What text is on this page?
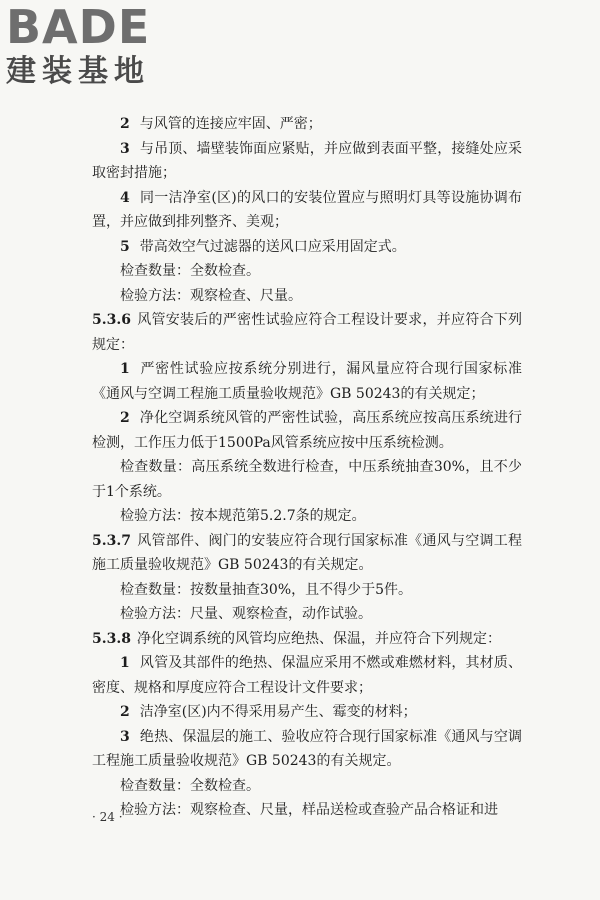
BADE
建装基地

2 与风管的连接应牢固、严密；

3 与吊顶、墙壁装饰面应紧贴，并应做到表面平整，接缝处应采取密封措施；

4 同一洁净室(区)的风口的安装位置应与照明灯具等设施协调布置，并应做到排列整齐、美观；

5 带高效空气过滤器的送风口应采用固定式。

检查数量：全数检查。

检验方法：观察检查、尺量。

5.3.6 风管安装后的严密性试验应符合工程设计要求，并应符合下列规定：

1 严密性试验应按系统分别进行，漏风量应符合现行国家标准《通风与空调工程施工质量验收规范》GB 50243的有关规定；

2 净化空调系统风管的严密性试验，高压系统应按高压系统进行检测，工作压力低于1500Pa风管系统应按中压系统检测。

检查数量：高压系统全数进行检查，中压系统抽查30%，且不少于1个系统。

检验方法：按本规范第5.2.7条的规定。

5.3.7 风管部件、阀门的安装应符合现行国家标准《通风与空调工程施工质量验收规范》GB 50243的有关规定。

检查数量：按数量抽查30%，且不得少于5件。

检验方法：尺量、观察检查，动作试验。

5.3.8 净化空调系统的风管均应绝热、保温，并应符合下列规定：

1 风管及其部件的绝热、保温应采用不燃或难燃材料，其材质、密度、规格和厚度应符合工程设计文件要求；

2 洁净室(区)内不得采用易产生、霉变的材料；

3 绝热、保温层的施工、验收应符合现行国家标准《通风与空调工程施工质量验收规范》GB 50243的有关规定。

检查数量：全数检查。

检验方法：观察检查、尺量，样品送检或查验产品合格证和进

· 24 ·
